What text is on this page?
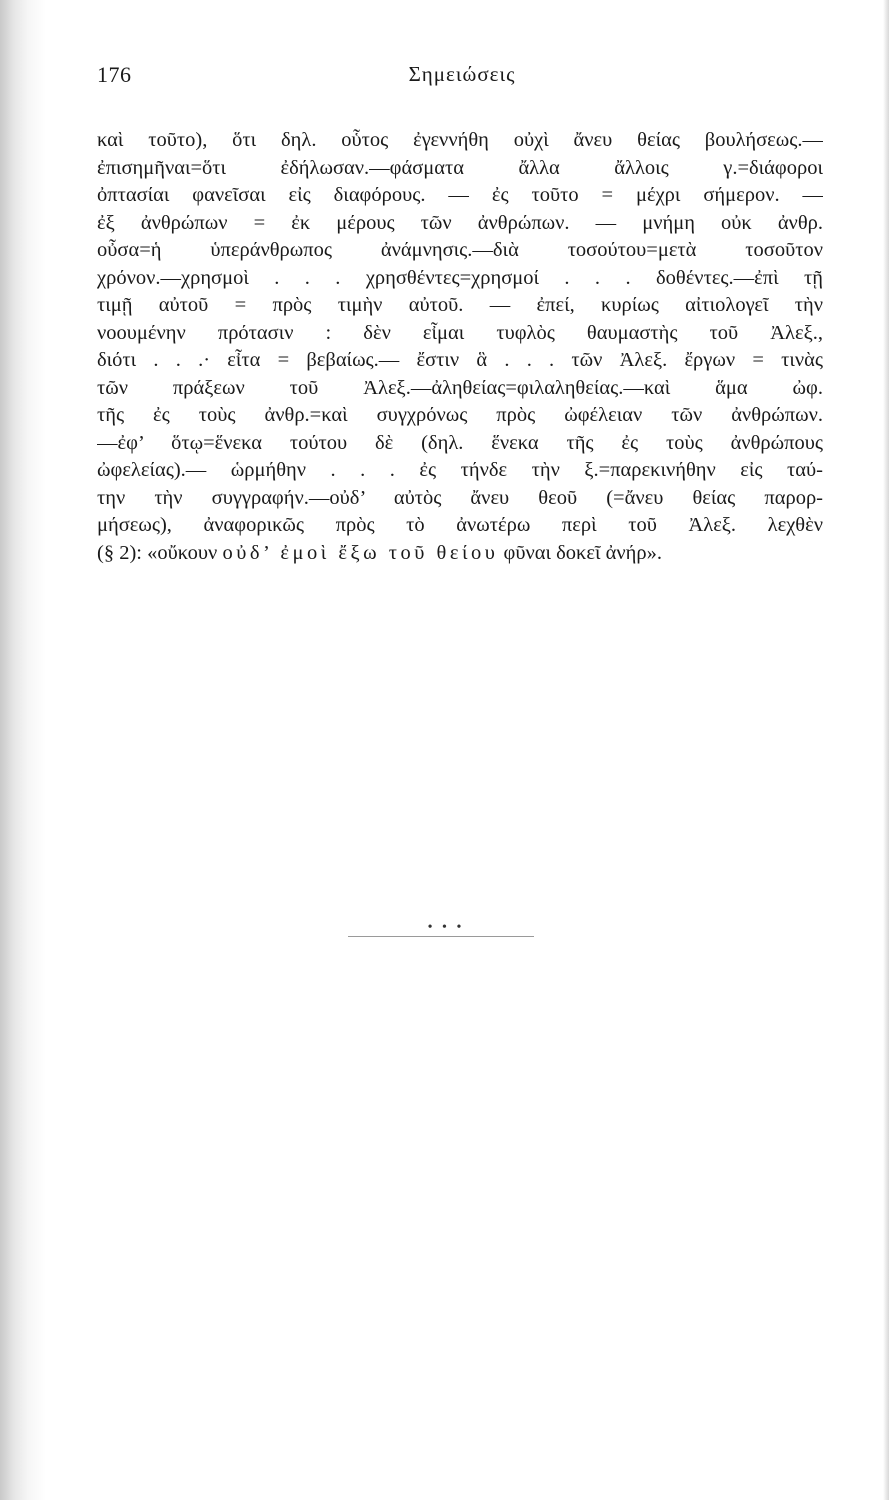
176	Σημειώσεις
καὶ τοῦτο), ὅτι δηλ. οὗτος ἐγεννήθη οὐχὶ ἄνευ θείας βουλήσεως.—
ἐπισημῆναι=ὅτι ἐδήλωσαν.—φάσματα ἄλλα ἄλλοις γ.=διάφοροι
ὀπτασίαι φανεῖσαι εἰς διαφόρους. — ἐς τοῦτο = μέχρι σήμερον. —
ἐξ ἀνθρώπων = ἐκ μέρους τῶν ἀνθρώπων. — μνήμη οὐκ ἀνθρ.
οὖσα=ἡ ὑπεράνθρωπος ἀνάμνησις.—διὰ τοσούτου=μετὰ τοσοῦτον
χρόνον.—χρησμοὶ . . . χρησθέντες=χρησμοί . . . δοθέντες.—ἐπὶ τῇ
τιμῇ αὐτοῦ = πρὸς τιμὴν αὐτοῦ. — ἐπεί, κυρίως αἰτιολογεῖ τὴν
νοουμένην πρότασιν : δὲν εἶμαι τυφλὸς θαυμαστὴς τοῦ Ἀλεξ.,
διότι . . .· εἶτα = βεβαίως.— ἔστιν ἃ . . . τῶν Ἀλεξ. ἔργων = τινὰς
τῶν πράξεων τοῦ Ἀλεξ.—ἀληθείας=φιλαληθείας.—καὶ ἅμα ὠφ.
τῆς ἐς τοὺς ἀνθρ.=καὶ συγχρόνως πρὸς ὠφέλειαν τῶν ἀνθρώπων.
—ἐφ’ ὅτῳ=ἕνεκα τούτου δὲ (δηλ. ἕνεκα τῆς ἐς τοὺς ἀνθρώπους
ὠφελείας).— ὡρμήθην . . . ἐς τήνδε τὴν ξ.=παρεκινήθην εἰς ταύ-
την τὴν συγγραφήν.—οὐδ’ αὐτὸς ἄνευ θεοῦ (=ἄνευ θείας παρορ-
μήσεως), ἀναφορικῶς πρὸς τὸ ἀνωτέρω περὶ τοῦ Ἀλεξ. λεχθὲν
(§ 2): «οὔκουν οὐδ’ ἐμοὶ ἔξω τοῦ θείου φῦναι δοκεῖ ἀνήρ».
• • •
